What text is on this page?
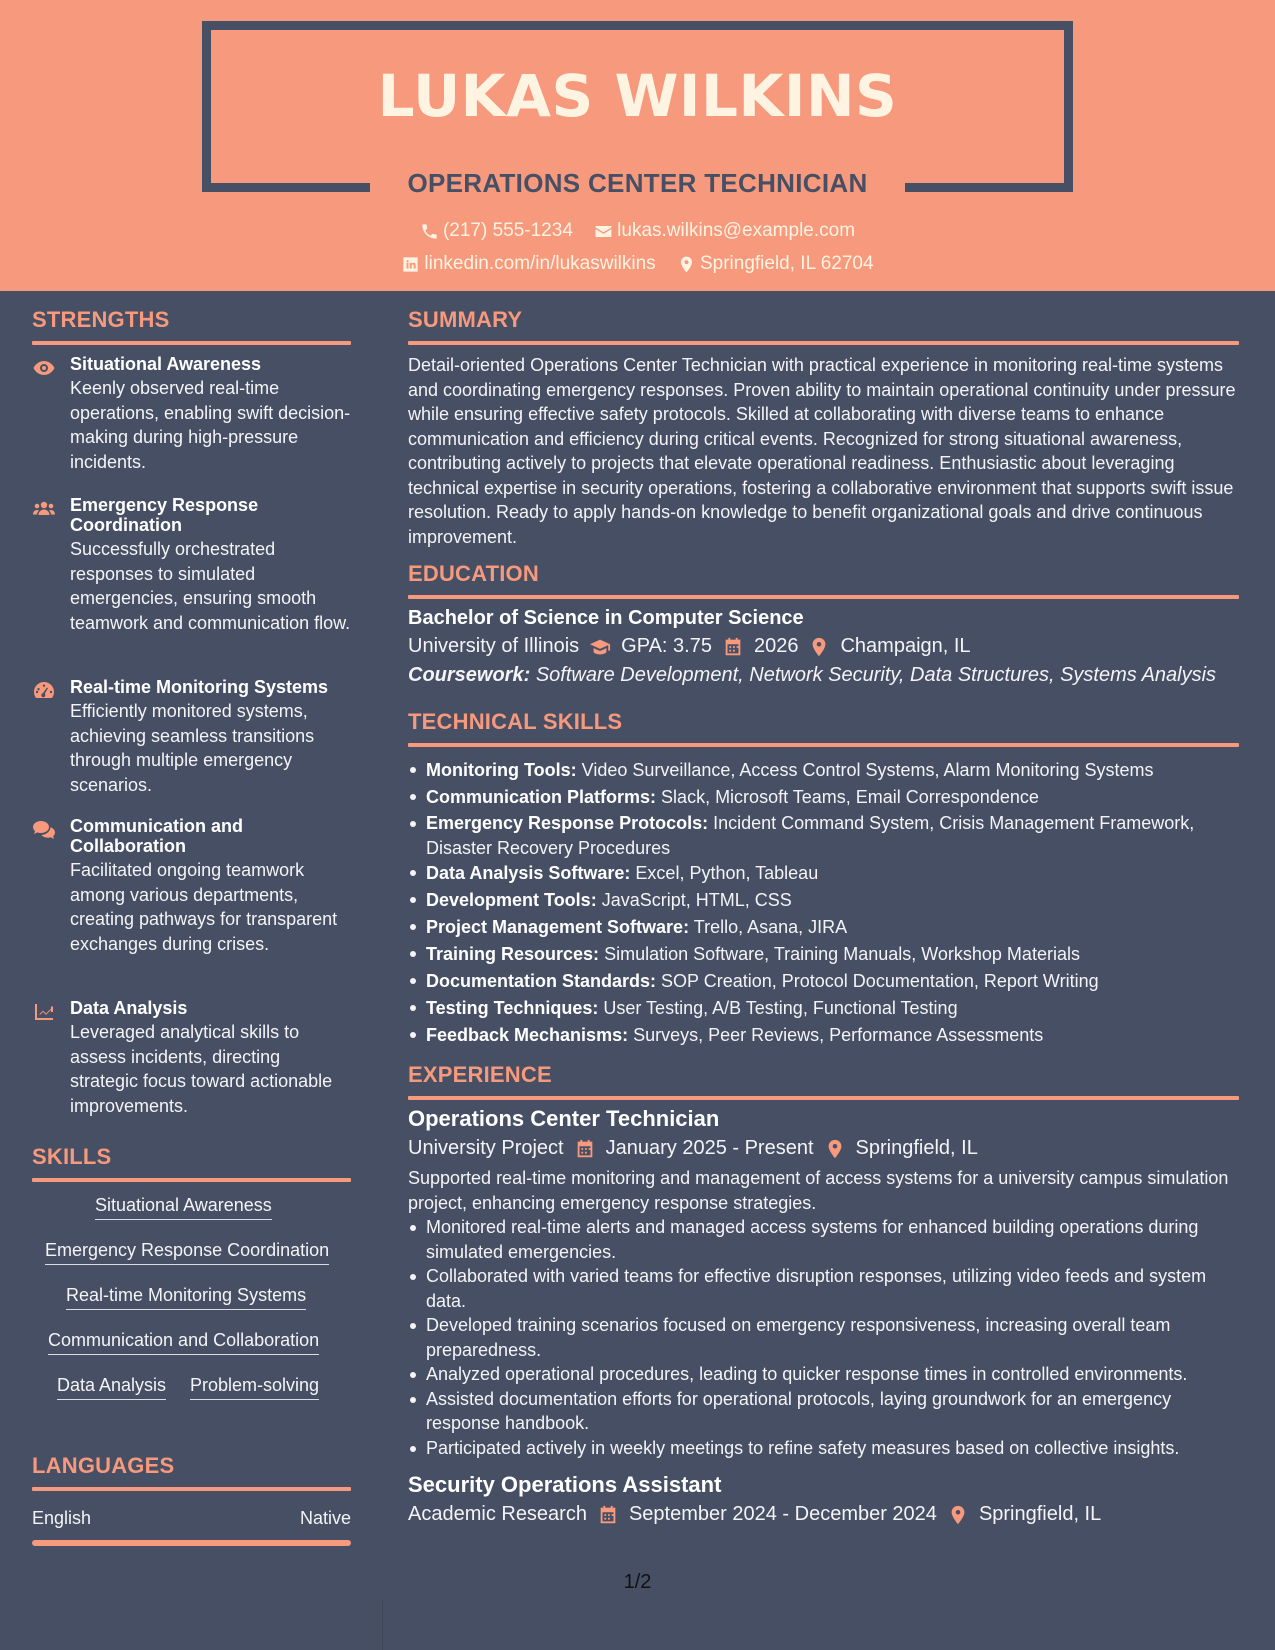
LUKAS WILKINS
OPERATIONS CENTER TECHNICIAN
(217) 555-1234
lukas.wilkins@example.com
linkedin.com/in/lukaswilkins
Springfield, IL 62704
STRENGTHS
Situational Awareness
Keenly observed real-time operations, enabling swift decision-making during high-pressure incidents.
Emergency Response Coordination
Successfully orchestrated responses to simulated emergencies, ensuring smooth teamwork and communication flow.
Real-time Monitoring Systems
Efficiently monitored systems, achieving seamless transitions through multiple emergency scenarios.
Communication and Collaboration
Facilitated ongoing teamwork among various departments, creating pathways for transparent exchanges during crises.
Data Analysis
Leveraged analytical skills to assess incidents, directing strategic focus toward actionable improvements.
SKILLS
Situational Awareness
Emergency Response Coordination
Real-time Monitoring Systems
Communication and Collaboration
Data Analysis Problem-solving
LANGUAGES
English	Native
SUMMARY
Detail-oriented Operations Center Technician with practical experience in monitoring real-time systems and coordinating emergency responses. Proven ability to maintain operational continuity under pressure while ensuring effective safety protocols. Skilled at collaborating with diverse teams to enhance communication and efficiency during critical events. Recognized for strong situational awareness, contributing actively to projects that elevate operational readiness. Enthusiastic about leveraging technical expertise in security operations, fostering a collaborative environment that supports swift issue resolution. Ready to apply hands-on knowledge to benefit organizational goals and drive continuous improvement.
EDUCATION
Bachelor of Science in Computer Science
University of Illinois GPA: 3.75 2026 Champaign, IL
Coursework: Software Development, Network Security, Data Structures, Systems Analysis
TECHNICAL SKILLS
Monitoring Tools: Video Surveillance, Access Control Systems, Alarm Monitoring Systems
Communication Platforms: Slack, Microsoft Teams, Email Correspondence
Emergency Response Protocols: Incident Command System, Crisis Management Framework, Disaster Recovery Procedures
Data Analysis Software: Excel, Python, Tableau
Development Tools: JavaScript, HTML, CSS
Project Management Software: Trello, Asana, JIRA
Training Resources: Simulation Software, Training Manuals, Workshop Materials
Documentation Standards: SOP Creation, Protocol Documentation, Report Writing
Testing Techniques: User Testing, A/B Testing, Functional Testing
Feedback Mechanisms: Surveys, Peer Reviews, Performance Assessments
EXPERIENCE
Operations Center Technician
University Project January 2025 - Present Springfield, IL
Supported real-time monitoring and management of access systems for a university campus simulation project, enhancing emergency response strategies.
Monitored real-time alerts and managed access systems for enhanced building operations during simulated emergencies.
Collaborated with varied teams for effective disruption responses, utilizing video feeds and system data.
Developed training scenarios focused on emergency responsiveness, increasing overall team preparedness.
Analyzed operational procedures, leading to quicker response times in controlled environments.
Assisted documentation efforts for operational protocols, laying groundwork for an emergency response handbook.
Participated actively in weekly meetings to refine safety measures based on collective insights.
Security Operations Assistant
Academic Research September 2024 - December 2024 Springfield, IL
1/2
